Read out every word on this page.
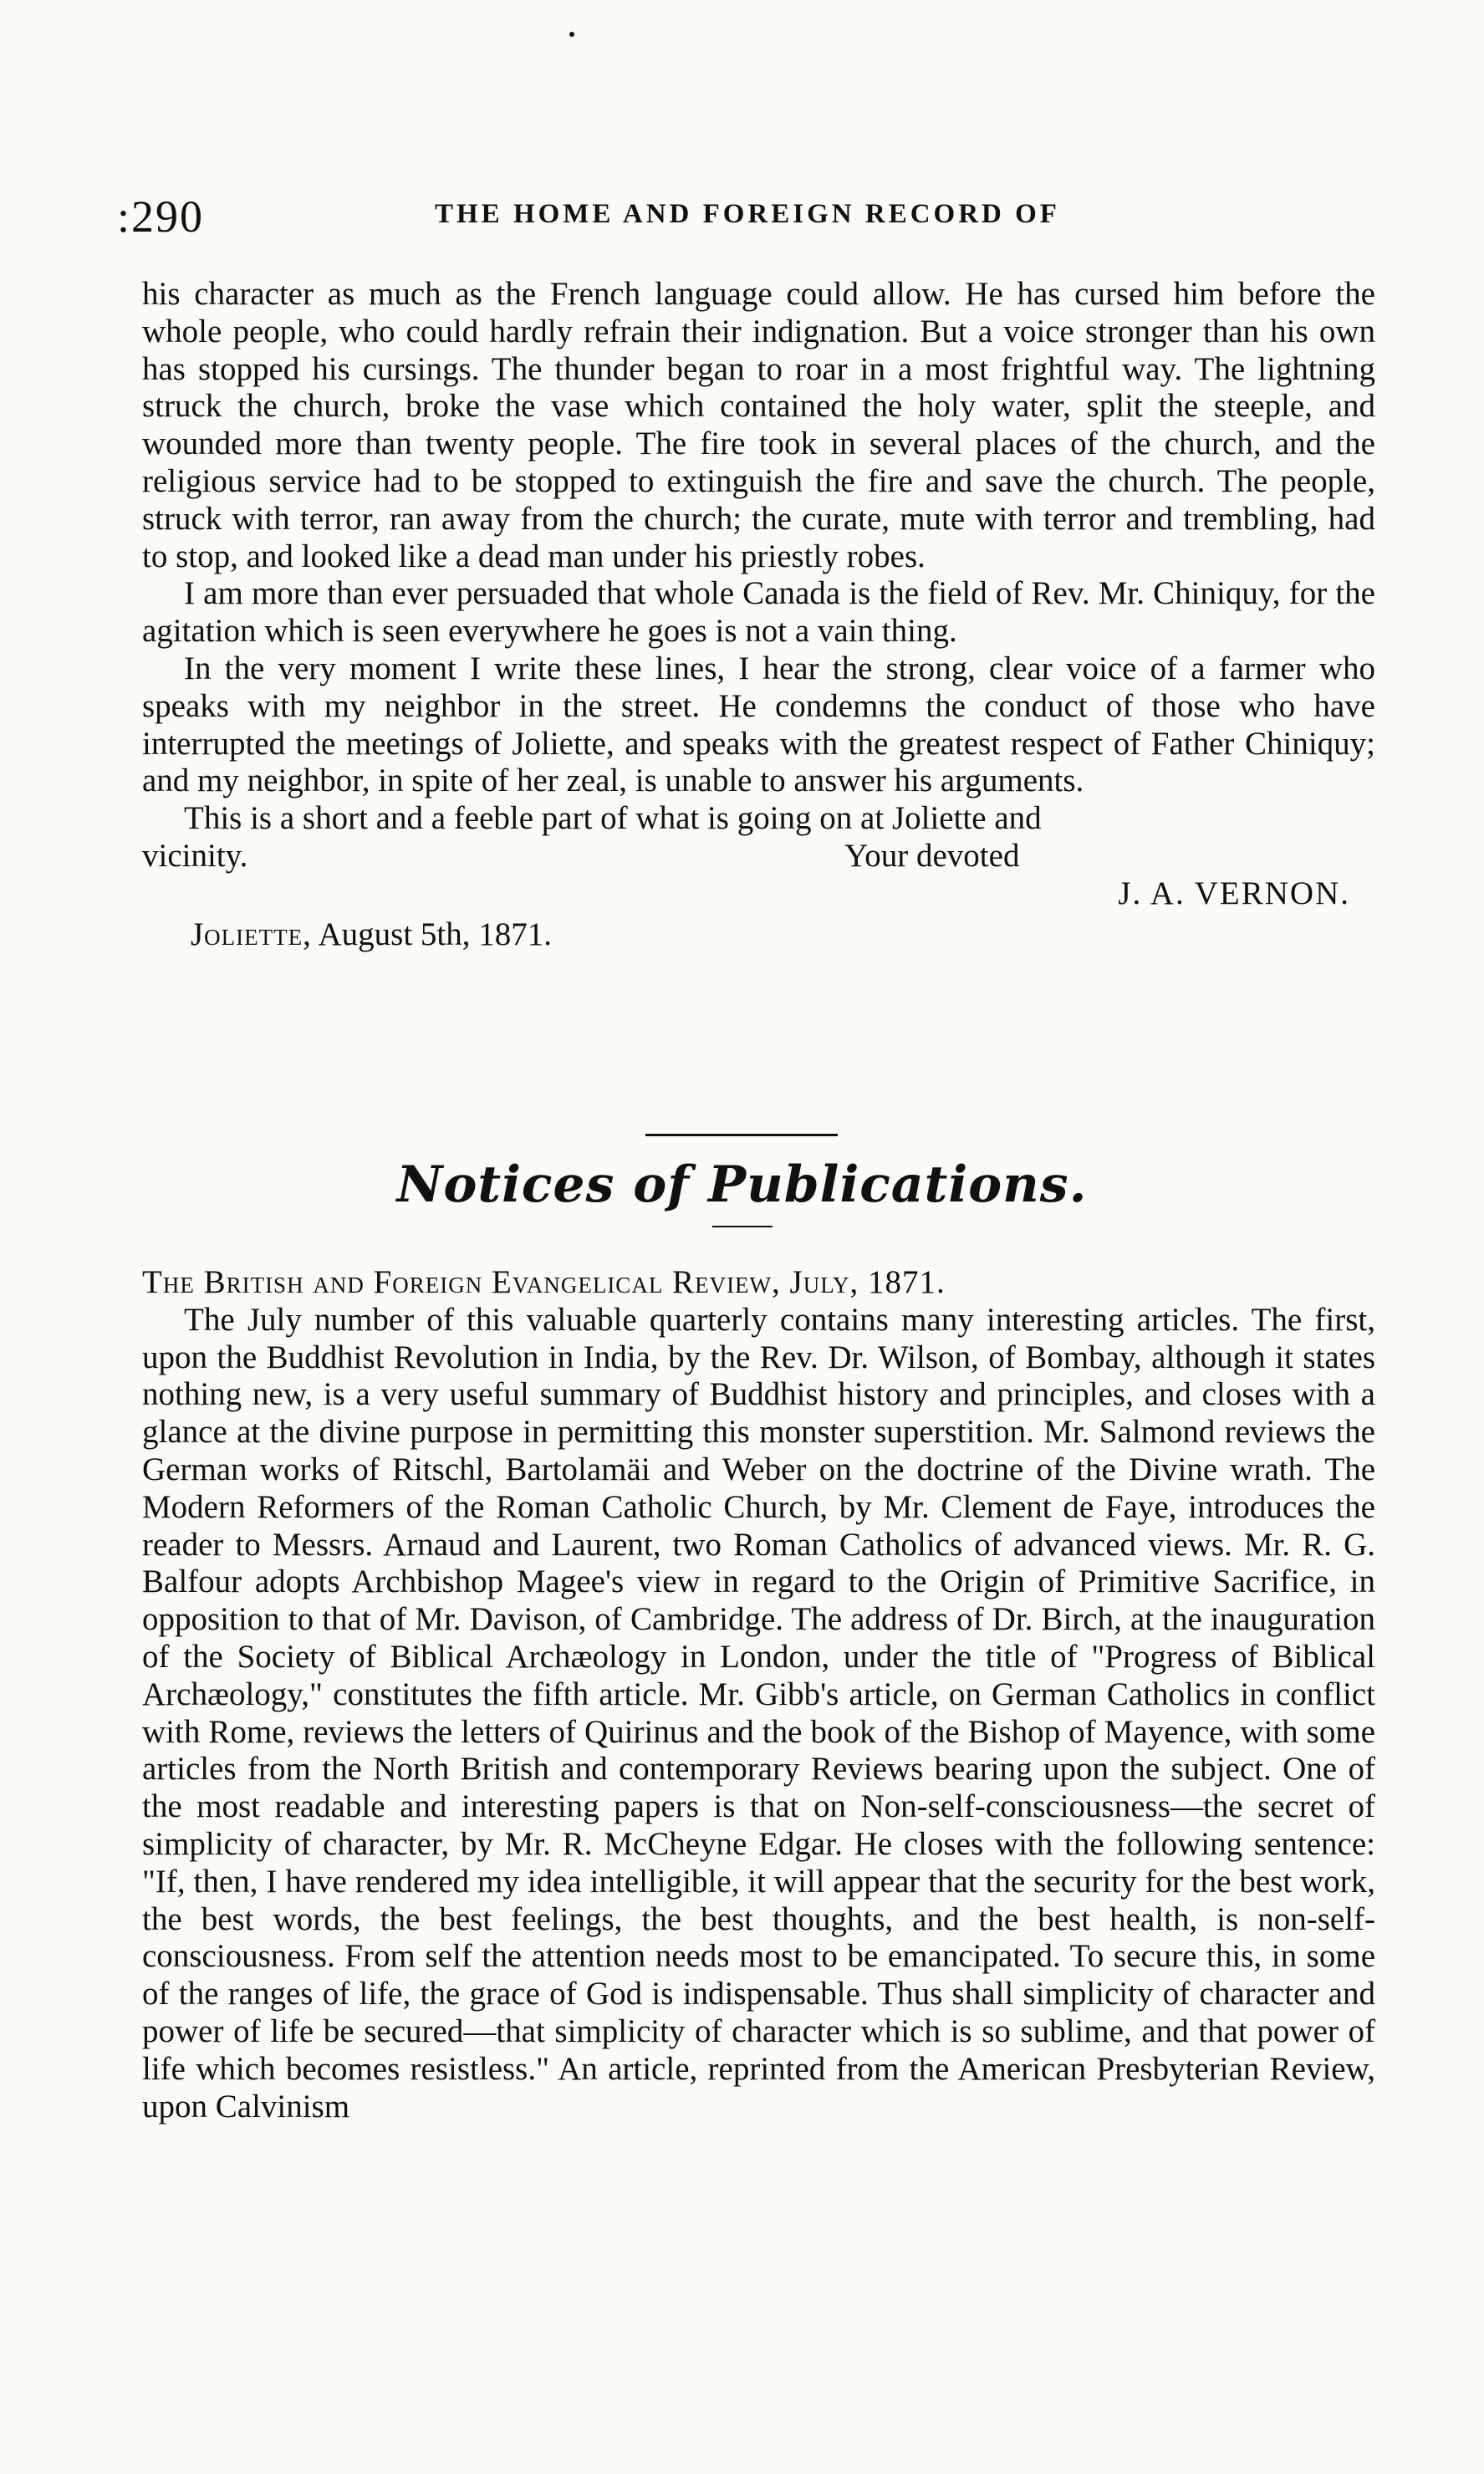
:290	THE HOME AND FOREIGN RECORD OF

his character as much as the French language could allow. He has cursed him before the whole people, who could hardly refrain their indignation. But a voice stronger than his own has stopped his cursings. The thunder began to roar in a most frightful way. The lightning struck the church, broke the vase which contained the holy water, split the steeple, and wounded more than twenty people. The fire took in several places of the church, and the religious service had to be stopped to extinguish the fire and save the church. The people, struck with terror, ran away from the church; the curate, mute with terror and trembling, had to stop, and looked like a dead man under his priestly robes.

I am more than ever persuaded that whole Canada is the field of Rev. Mr. Chiniquy, for the agitation which is seen everywhere he goes is not a vain thing.

In the very moment I write these lines, I hear the strong, clear voice of a farmer who speaks with my neighbor in the street. He condemns the conduct of those who have interrupted the meetings of Joliette, and speaks with the greatest respect of Father Chiniquy; and my neighbor, in spite of her zeal, is unable to answer his arguments.

This is a short and a feeble part of what is going on at Joliette and

vicinity.	Your devoted

J. A. VERNON.

Joliette, August 5th, 1871.

Notices of Publications.

The British and Foreign Evangelical Review, July, 1871.

The July number of this valuable quarterly contains many interesting articles. The first, upon the Buddhist Revolution in India, by the Rev. Dr. Wilson, of Bombay, although it states nothing new, is a very useful summary of Buddhist history and principles, and closes with a glance at the divine purpose in permitting this monster superstition. Mr. Salmond reviews the German works of Ritschl, Bartolamäi and Weber on the doctrine of the Divine wrath. The Modern Reformers of the Roman Catholic Church, by Mr. Clement de Faye, introduces the reader to Messrs. Arnaud and Laurent, two Roman Catholics of advanced views. Mr. R. G. Balfour adopts Archbishop Magee's view in regard to the Origin of Primitive Sacrifice, in opposition to that of Mr. Davison, of Cambridge. The address of Dr. Birch, at the inauguration of the Society of Biblical Archæology in London, under the title of "Progress of Biblical Archæology," constitutes the fifth article. Mr. Gibb's article, on German Catholics in conflict with Rome, reviews the letters of Quirinus and the book of the Bishop of Mayence, with some articles from the North British and contemporary Reviews bearing upon the subject. One of the most readable and interesting papers is that on Non-self-consciousness—the secret of simplicity of character, by Mr. R. McCheyne Edgar. He closes with the following sentence: "If, then, I have rendered my idea intelligible, it will appear that the security for the best work, the best words, the best feelings, the best thoughts, and the best health, is non-self-consciousness. From self the attention needs most to be emancipated. To secure this, in some of the ranges of life, the grace of God is indispensable. Thus shall simplicity of character and power of life be secured—that simplicity of character which is so sublime, and that power of life which becomes resistless." An article, reprinted from the American Presbyterian Review, upon Calvinism
